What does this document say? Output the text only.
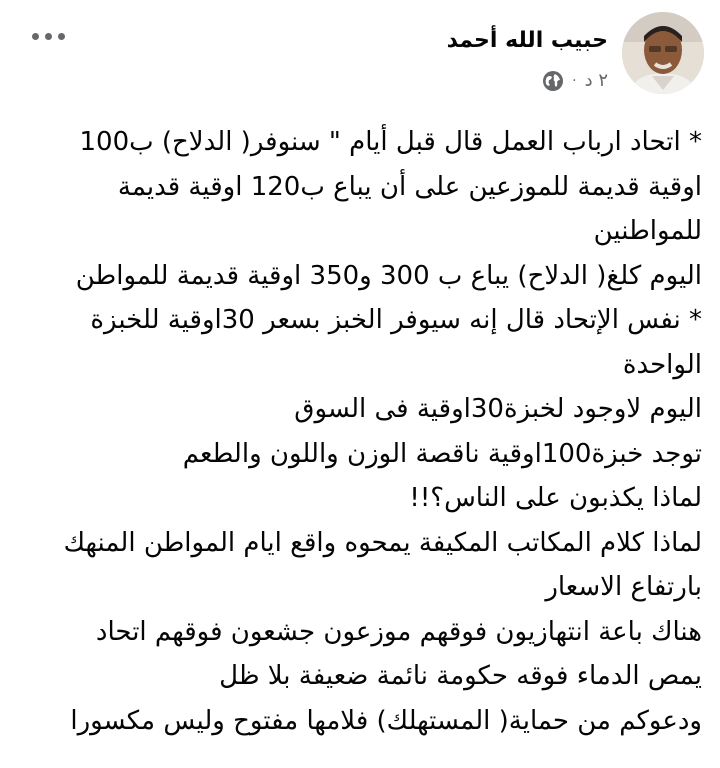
حبيب الله أحمد
٢ د
·
* اتحاد ارباب العمل قال قبل أيام " سنوفر( الدلاح) ب100
اوقية قديمة للموزعين على أن يباع ب120 اوقية قديمة
للمواطنين
اليوم كلغ( الدلاح) يباع ب 300 و350 اوقية قديمة للمواطن
* نفس الإتحاد قال إنه سيوفر الخبز بسعر 30اوقية للخبزة
الواحدة
اليوم لاوجود لخبزة30اوقية فى السوق
توجد خبزة100اوقية ناقصة الوزن واللون والطعم
لماذا يكذبون على الناس؟!!
لماذا كلام المكاتب المكيفة يمحوه واقع ايام المواطن المنهك
بارتفاع الاسعار
هناك باعة انتهازيون فوقهم موزعون جشعون فوقهم اتحاد
يمص الدماء فوقه حكومة نائمة ضعيفة بلا ظل
ودعوكم من حماية( المستهلك) فلامها مفتوح وليس مكسورا
